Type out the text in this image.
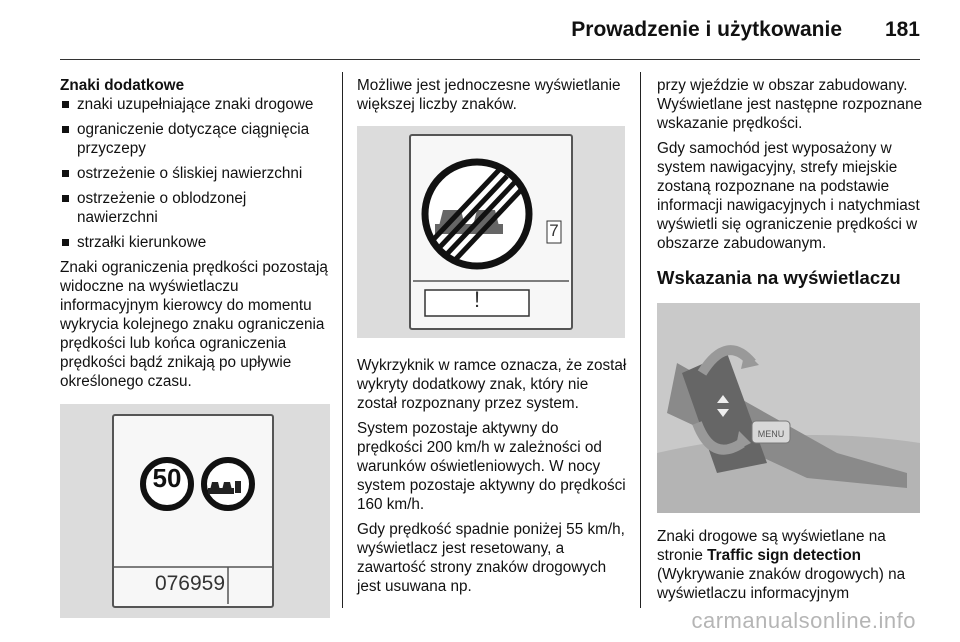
Prowadzenie i użytkowanie 181

Znaki dodatkowe

znaki uzupełniające znaki drogowe
ograniczenie dotyczące ciągnięcia przyczepy
ostrzeżenie o śliskiej nawierzchni
ostrzeżenie o oblodzonej nawierzchni
strzałki kierunkowe

Znaki ograniczenia prędkości pozostają widoczne na wyświetlaczu informacyjnym kierowcy do momentu wykrycia kolejnego znaku ograniczenia prędkości lub końca ograniczenia prędkości bądź znikają po upływie określonego czasu.

50
076959

Możliwe jest jednoczesne wyświetlanie większej liczby znaków.

7
!

Wykrzyknik w ramce oznacza, że został wykryty dodatkowy znak, który nie został rozpoznany przez system.

System pozostaje aktywny do prędkości 200 km/h w zależności od warunków oświetleniowych. W nocy system pozostaje aktywny do prędkości 160 km/h.

Gdy prędkość spadnie poniżej 55 km/h, wyświetlacz jest resetowany, a zawartość strony znaków drogowych jest usuwana np.

przy wjeździe w obszar zabudowany. Wyświetlane jest następne rozpoznane wskazanie prędkości.

Gdy samochód jest wyposażony w system nawigacyjny, strefy miejskie zostaną rozpoznane na podstawie informacji nawigacyjnych i natychmiast wyświetli się ograniczenie prędkości w obszarze zabudowanym.

Wskazania na wyświetlaczu

MENU

Znaki drogowe są wyświetlane na stronie Traffic sign detection (Wykrywanie znaków drogowych) na wyświetlaczu informacyjnym

carmanualsonline.info
